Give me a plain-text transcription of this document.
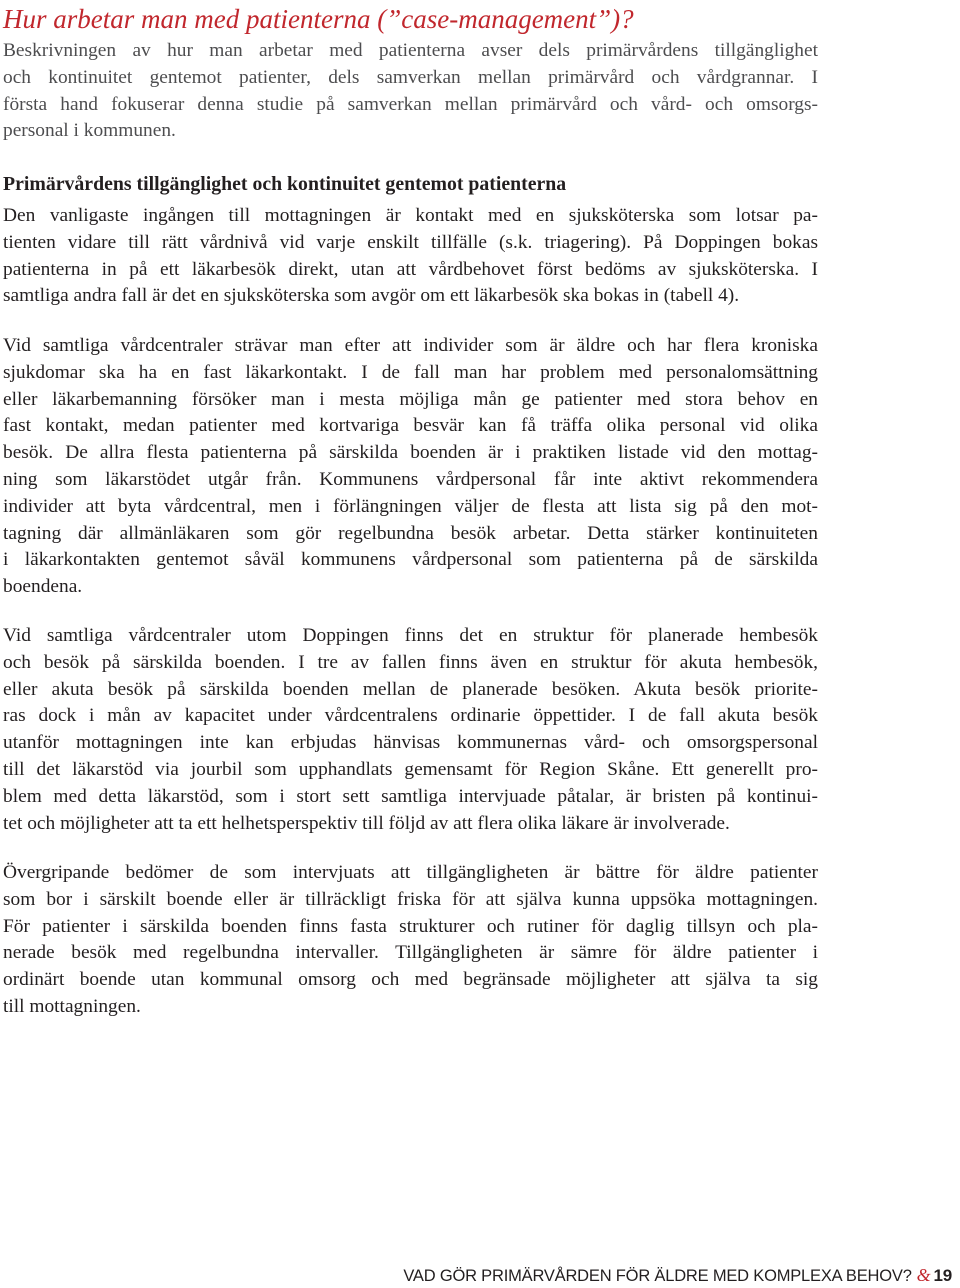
Hur arbetar man med patienterna (”case-management”)?

Beskrivningen av hur man arbetar med patienterna avser dels primärvårdens tillgänglighet
och kontinuitet gentemot patienter, dels samverkan mellan primärvård och vårdgrannar. I
första hand fokuserar denna studie på samverkan mellan primärvård och vård- och omsorgs-
personal i kommunen.

Primärvårdens tillgänglighet och kontinuitet gentemot patienterna

Den vanligaste ingången till mottagningen är kontakt med en sjuksköterska som lotsar pa-
tienten vidare till rätt vårdnivå vid varje enskilt tillfälle (s.k. triagering). På Doppingen bokas
patienterna in på ett läkarbesök direkt, utan att vårdbehovet först bedöms av sjuksköterska. I
samtliga andra fall är det en sjuksköterska som avgör om ett läkarbesök ska bokas in (tabell 4).

Vid samtliga vårdcentraler strävar man efter att individer som är äldre och har flera kroniska
sjukdomar ska ha en fast läkarkontakt. I de fall man har problem med personalomsättning
eller läkarbemanning försöker man i mesta möjliga mån ge patienter med stora behov en
fast kontakt, medan patienter med kortvariga besvär kan få träffa olika personal vid olika
besök. De allra flesta patienterna på särskilda boenden är i praktiken listade vid den mottag-
ning som läkarstödet utgår från. Kommunens vårdpersonal får inte aktivt rekommendera
individer att byta vårdcentral, men i förlängningen väljer de flesta att lista sig på den mot-
tagning där allmänläkaren som gör regelbundna besök arbetar. Detta stärker kontinuiteten
i läkarkontakten gentemot såväl kommunens vårdpersonal som patienterna på de särskilda
boendena.

Vid samtliga vårdcentraler utom Doppingen finns det en struktur för planerade hembesök
och besök på särskilda boenden. I tre av fallen finns även en struktur för akuta hembesök,
eller akuta besök på särskilda boenden mellan de planerade besöken. Akuta besök priorite-
ras dock i mån av kapacitet under vårdcentralens ordinarie öppettider. I de fall akuta besök
utanför mottagningen inte kan erbjudas hänvisas kommunernas vård- och omsorgspersonal
till det läkarstöd via jourbil som upphandlats gemensamt för Region Skåne. Ett generellt pro-
blem med detta läkarstöd, som i stort sett samtliga intervjuade påtalar, är bristen på kontinui-
tet och möjligheter att ta ett helhetsperspektiv till följd av att flera olika läkare är involverade.

Övergripande bedömer de som intervjuats att tillgängligheten är bättre för äldre patienter
som bor i särskilt boende eller är tillräckligt friska för att själva kunna uppsöka mottagningen.
För patienter i särskilda boenden finns fasta strukturer och rutiner för daglig tillsyn och pla-
nerade besök med regelbundna intervaller. Tillgängligheten är sämre för äldre patienter i
ordinärt boende utan kommunal omsorg och med begränsade möjligheter att själva ta sig
till mottagningen.

VAD GÖR PRIMÄRVÅRDEN FÖR ÄLDRE MED KOMPLEXA BEHOV? & 19
